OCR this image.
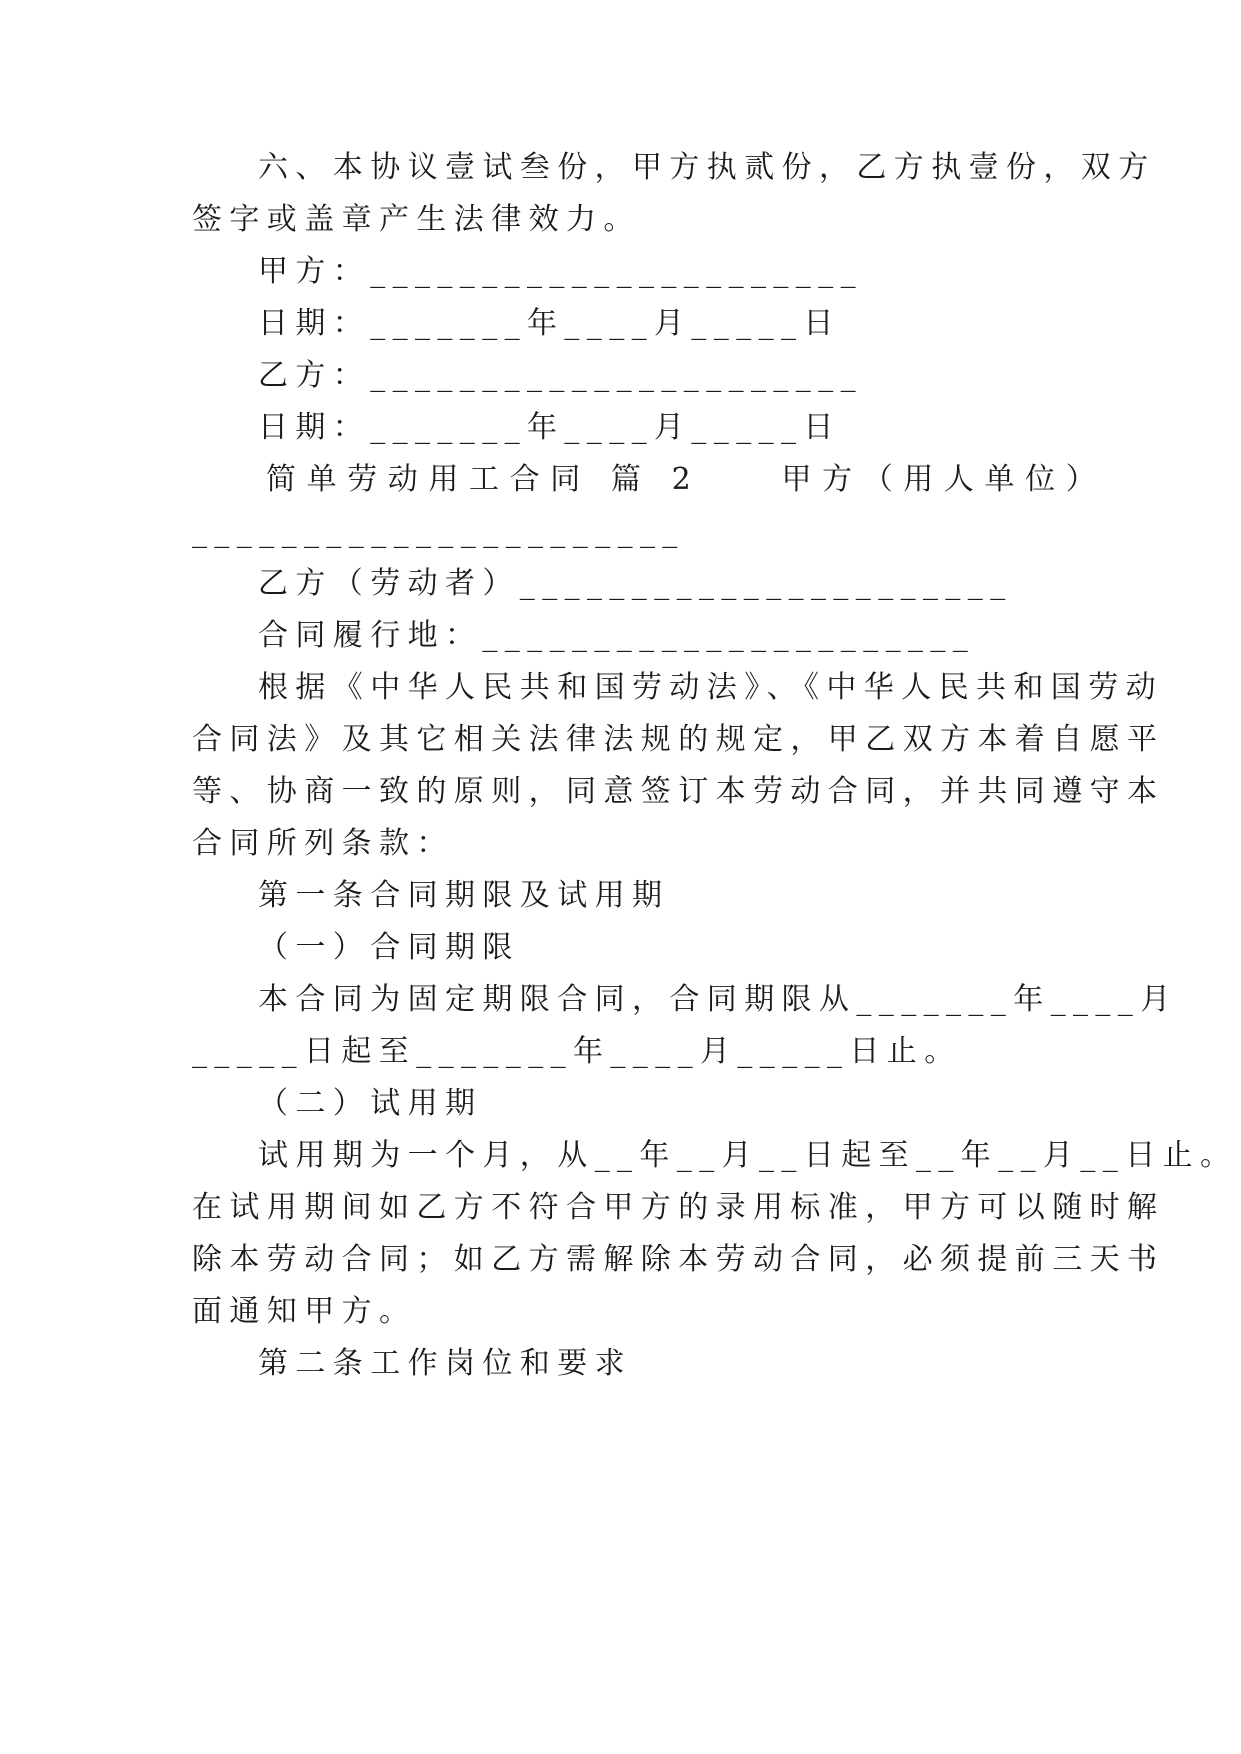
六、本协议壹试叁份，甲方执贰份，乙方执壹份，双方
签字或盖章产生法律效力。
甲方：______________________
日期：_______年____月_____日
乙方：______________________
日期：_______年____月_____日
简单劳动用工合同 篇 2	甲方（用人单位）
______________________
乙方（劳动者）______________________
合同履行地：______________________
根据《中华人民共和国劳动法》、《中华人民共和国劳动
合同法》及其它相关法律法规的规定，甲乙双方本着自愿平
等、协商一致的原则，同意签订本劳动合同，并共同遵守本
合同所列条款：
第一条合同期限及试用期
（一）合同期限
本合同为固定期限合同，合同期限从_______年____月
_____日起至_______年____月_____日止。
（二）试用期
试用期为一个月，从__年__月__日起至__年__月__日止。
在试用期间如乙方不符合甲方的录用标准，甲方可以随时解
除本劳动合同；如乙方需解除本劳动合同，必须提前三天书
面通知甲方。
第二条工作岗位和要求
